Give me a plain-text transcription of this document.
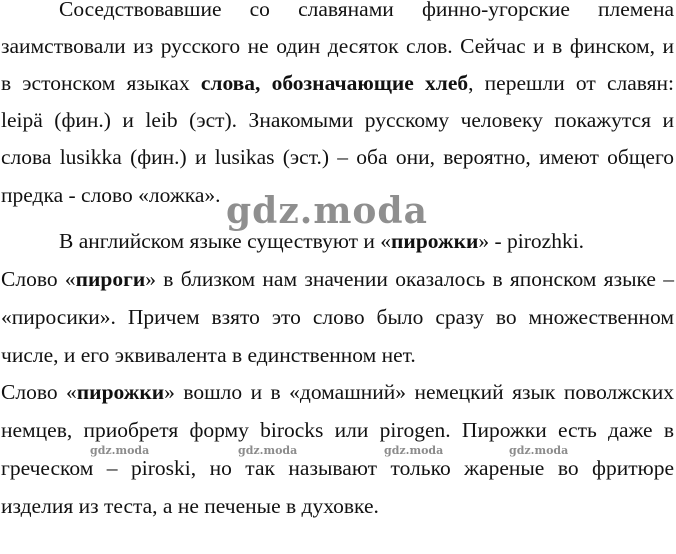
Соседствовавшие со славянами финно-угорские племена
заимствовали из русского не один десяток слов. Сейчас и в финском, и
в эстонском языках слова, обозначающие хлеб, перешли от славян:
leipä (фин.) и leib (эст). Знакомыми русскому человеку покажутся и
слова lusikka (фин.) и lusikas (эст.) – оба они, вероятно, имеют общего
предка - слово «ложка».
В английском языке существуют и «пирожки» - pirozhki.
Слово «пироги» в близком нам значении оказалось в японском языке –
«пиросики». Причем взято это слово было сразу во множественном
числе, и его эквивалента в единственном нет.
Слово «пирожки» вошло и в «домашний» немецкий язык поволжских
немцев, приобретя форму birocks или pirogen. Пирожки есть даже в
греческом – piroski, но так называют только жареные во фритюре
изделия из теста, а не печеные в духовке.
gdz.moda
gdz.moda	gdz.moda	gdz.moda	gdz.moda
